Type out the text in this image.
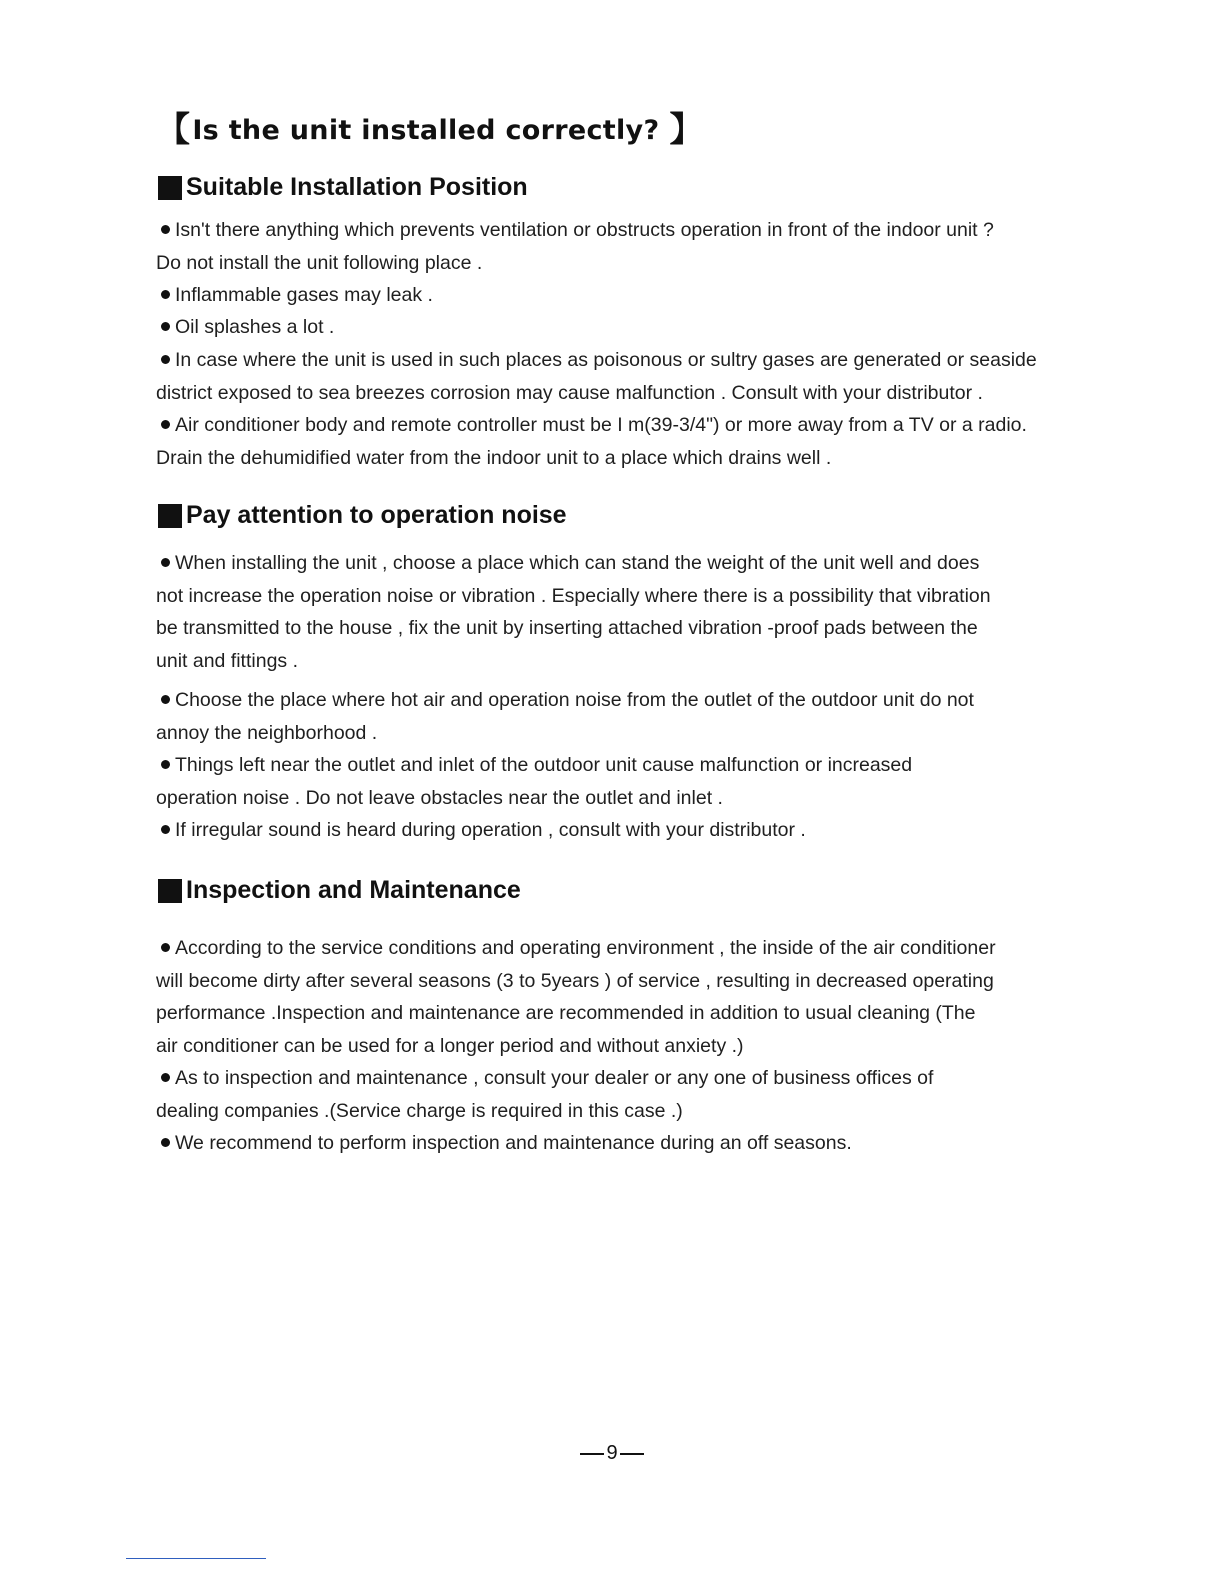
【Is the unit installed correctly? 】
Suitable Installation Position
Isn't there anything which prevents ventilation or obstructs operation in front of the indoor unit ?
Do not install the unit following place .
Inflammable gases may leak .
Oil splashes a lot .
In case where the unit is used in such places as poisonous or sultry gases are generated or seaside
district exposed to sea breezes corrosion may cause malfunction . Consult with your distributor .
Air conditioner body and remote controller must be I m(39-3/4") or more away from a TV or a radio.
Drain the dehumidified water from the indoor unit to a place which drains well .
Pay attention to operation noise
When installing the unit , choose a place which can stand the weight of the unit well and does
not increase the operation noise or vibration . Especially where there is a possibility that vibration
be transmitted to the house , fix the unit by inserting attached vibration -proof pads between the
unit and fittings .
Choose the place where hot air and operation noise from the outlet of the outdoor unit do not
annoy the neighborhood .
Things left near the outlet and inlet of the outdoor unit cause malfunction or increased
operation noise . Do not leave obstacles near the outlet and inlet .
If irregular sound is heard during operation , consult with your distributor .
Inspection and Maintenance
According to the service conditions and operating environment , the inside of the air conditioner
will become dirty after several seasons (3 to 5years ) of service , resulting in decreased operating
performance .Inspection and maintenance are recommended in addition to usual cleaning (The
air conditioner can be used for a longer period and without anxiety .)
As to inspection and maintenance , consult your dealer or any one of business offices of
dealing companies .(Service charge is required in this case .)
We recommend to perform inspection and maintenance during an off seasons.
9
